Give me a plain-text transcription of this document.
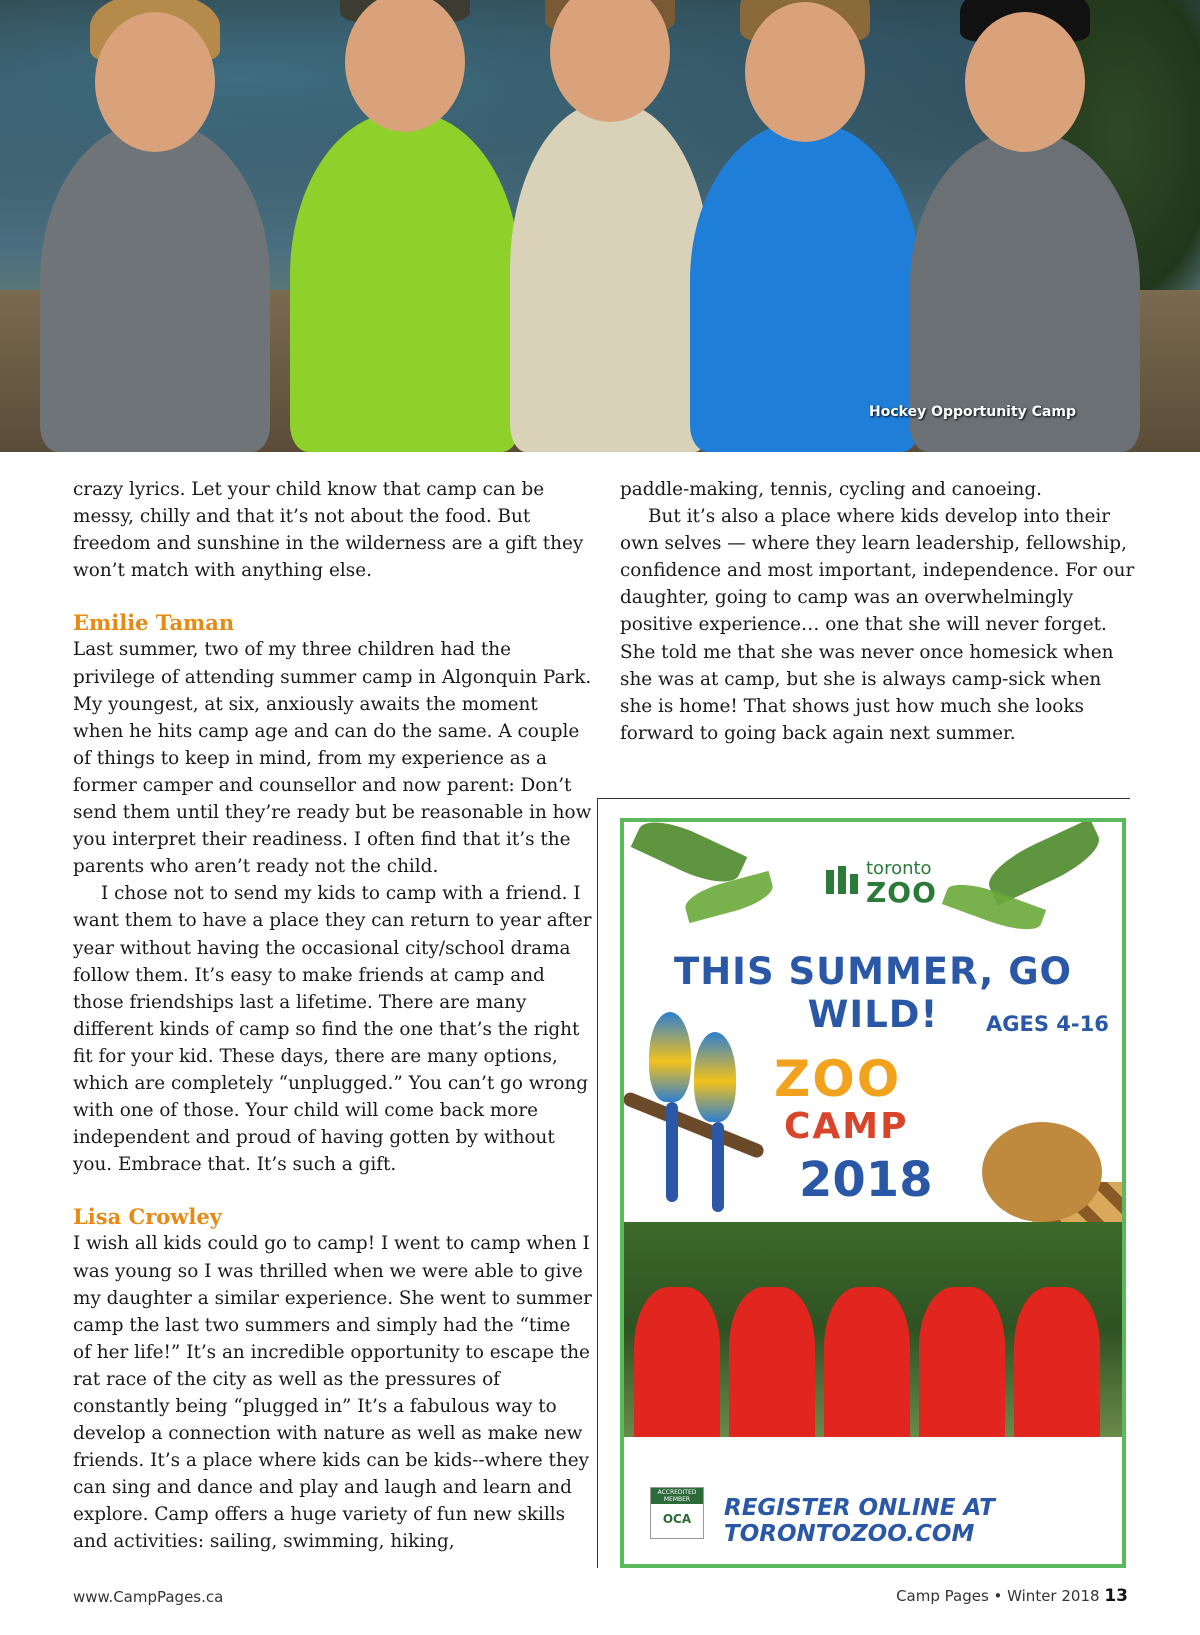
Hockey Opportunity Camp

crazy lyrics. Let your child know that camp can be messy, chilly and that it’s not about the food. But freedom and sunshine in the wilderness are a gift they won’t match with anything else.

Emilie Taman

Last summer, two of my three children had the privilege of attending summer camp in Algonquin Park. My youngest, at six, anxiously awaits the moment when he hits camp age and can do the same. A couple of things to keep in mind, from my experience as a former camper and counsellor and now parent: Don’t send them until they’re ready but be reasonable in how you interpret their readiness. I often find that it’s the parents who aren’t ready not the child.

I chose not to send my kids to camp with a friend. I want them to have a place they can return to year after year without having the occasional city/school drama follow them. It’s easy to make friends at camp and those friendships last a lifetime. There are many different kinds of camp so find the one that’s the right fit for your kid. These days, there are many options, which are completely “unplugged.” You can’t go wrong with one of those. Your child will come back more independent and proud of having gotten by without you. Embrace that. It’s such a gift.

Lisa Crowley

I wish all kids could go to camp! I went to camp when I was young so I was thrilled when we were able to give my daughter a similar experience. She went to summer camp the last two summers and simply had the “time of her life!” It’s an incredible opportunity to escape the rat race of the city as well as the pressures of constantly being “plugged in” It’s a fabulous way to develop a connection with nature as well as make new friends. It’s a place where kids can be kids--where they can sing and dance and play and laugh and learn and explore. Camp offers a huge variety of fun new skills and activities: sailing, swimming, hiking,

paddle-making, tennis, cycling and canoeing.

But it’s also a place where kids develop into their own selves — where they learn leadership, fellowship, confidence and most important, independence. For our daughter, going to camp was an overwhelmingly positive experience… one that she will never forget. She told me that she was never once homesick when she was at camp, but she is always camp-sick when she is home! That shows just how much she looks forward to going back again next summer.

toronto
ZOO
THIS SUMMER, GO WILD!	AGES 4-16
ZOO
CAMP
2018
ACCREDITED MEMBER
OCA	REGISTER ONLINE AT TORONTOZOO.COM
www.CampPages.ca	Camp Pages • Winter 2018 13
